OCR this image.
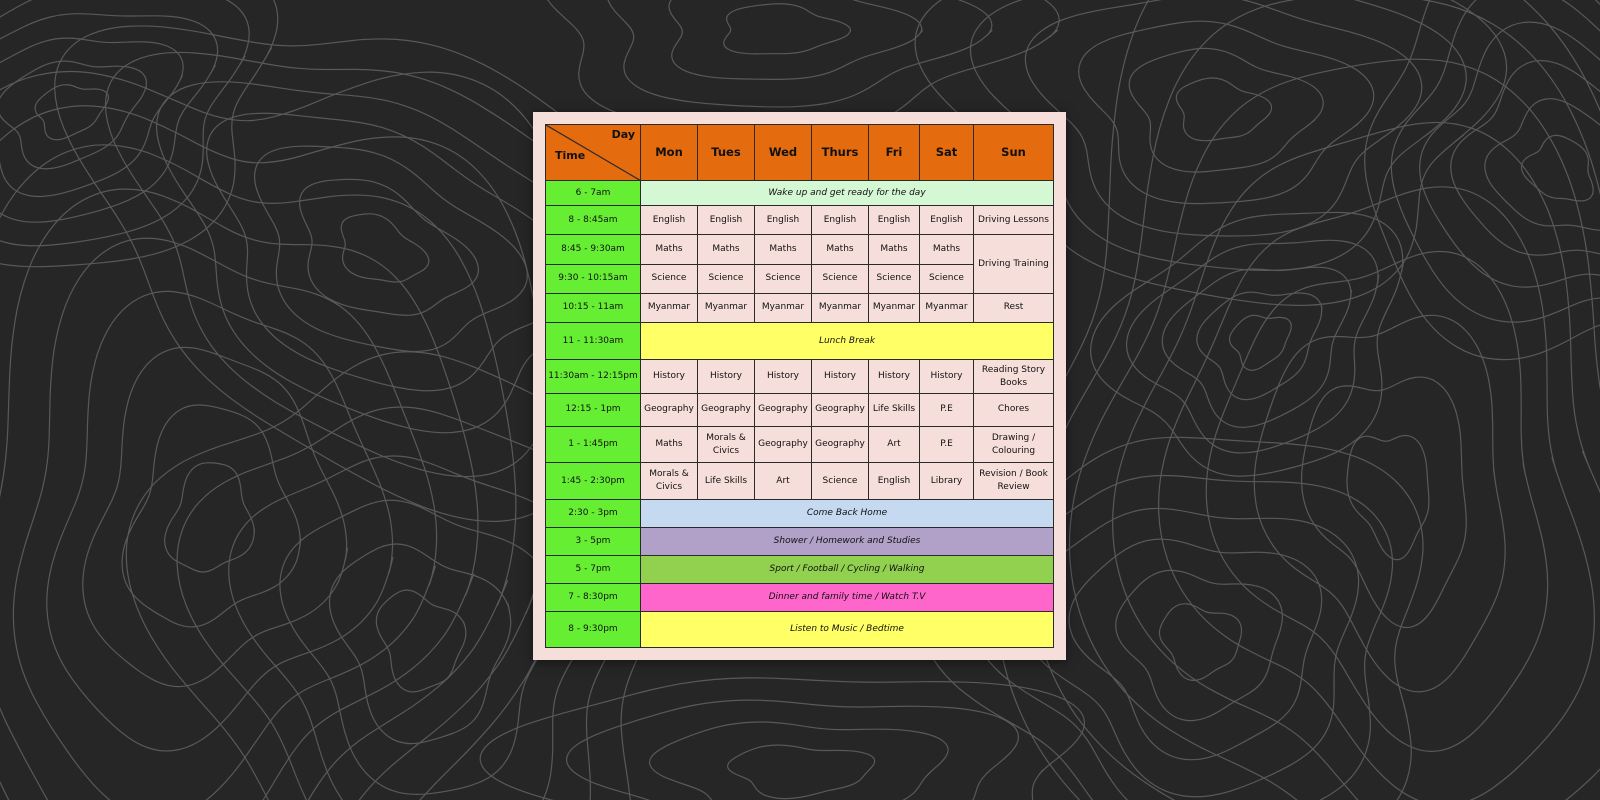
Day
Time	Mon	Tues	Wed	Thurs	Fri	Sat	Sun
6 - 7am	Wake up and get ready for the day						
8 - 8:45am	English	English	English	English	English	English	Driving Lessons
8:45 - 9:30am	Maths	Maths	Maths	Maths	Maths	Maths	Driving Training
9:30 - 10:15am	Science	Science	Science	Science	Science	Science	
10:15 - 11am	Myanmar	Myanmar	Myanmar	Myanmar	Myanmar	Myanmar	Rest
11 - 11:30am	Lunch Break						
11:30am - 12:15pm	History	History	History	History	History	History	Reading Story Books
12:15 - 1pm	Geography	Geography	Geography	Geography	Life Skills	P.E	Chores
1 - 1:45pm	Maths	Morals & Civics	Geography	Geography	Art	P.E	Drawing / Colouring
1:45 - 2:30pm	Morals & Civics	Life Skills	Art	Science	English	Library	Revision / Book Review
2:30 - 3pm	Come Back Home						
3 - 5pm	Shower / Homework and Studies						
5 - 7pm	Sport / Football / Cycling / Walking						
7 - 8:30pm	Dinner and family time / Watch T.V						
8 - 9:30pm	Listen to Music / Bedtime						
